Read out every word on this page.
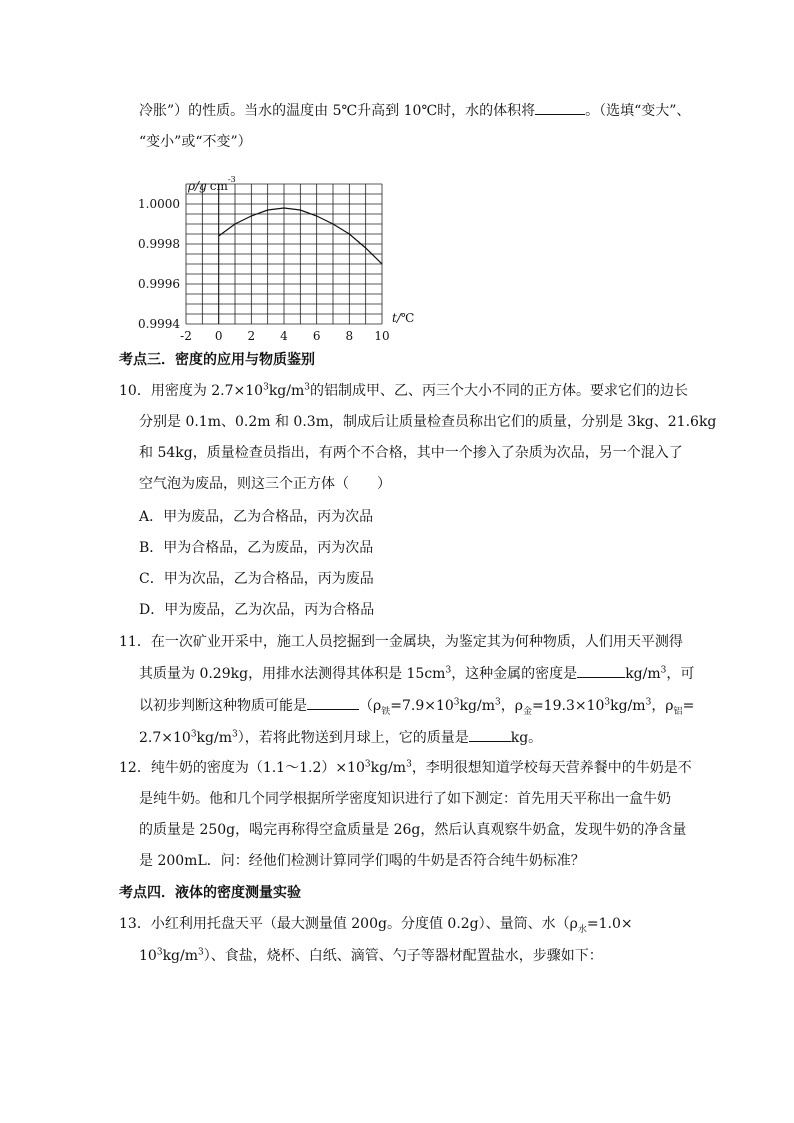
冷胀”）的性质。当水的温度由 5℃升高到 10℃时，水的体积将	。（选填“变大”、
“变小”或“不变”）
1.0000
0.9998
0.9996
0.9994
-2 0 2 4 6 8 10
ρ/g $cm^{-3}$
t/℃
考点三．密度的应用与物质鉴别
10．用密度为 $2.7\times 10^3kg/m^3$的铝制成甲、乙、丙三个大小不同的正方体。要求它们的边长
分别是 0.1m、0.2m 和 0.3m，制成后让质量检查员称出它们的质量，分别是 3kg、21.6kg
和 54kg，质量检查员指出，有两个不合格，其中一个掺入了杂质为次品，另一个混入了
空气泡为废品，则这三个正方体（　　）
A．甲为废品，乙为合格品，丙为次品
B．甲为合格品，乙为废品，丙为次品
C．甲为次品，乙为合格品，丙为废品
D．甲为废品，乙为次品，丙为合格品
11．在一次矿业开采中，施工人员挖掘到一金属块，为鉴定其为何种物质，人们用天平测得
其质量为 0.29kg，用排水法测得其体积是 $15cm^3$，这种金属的密度是	$kg/m^3$，可
以初步判断这种物质可能是	（$\rho_铁=7.9\times 10^3kg/m^3$，$\rho_金=19.3\times 10^3kg/m^3$，$\rho_铝=$
$2.7\times 10^3kg/m^3$），若将此物送到月球上，它的质量是	kg。
12．纯牛奶的密度为$(1.1\sim 1.2)\times 10^3kg/m^3$，李明很想知道学校每天营养餐中的牛奶是不
是纯牛奶。他和几个同学根据所学密度知识进行了如下测定：首先用天平称出一盒牛奶
的质量是 250g，喝完再称得空盒质量是 26g，然后认真观察牛奶盒，发现牛奶的净含量
是 200mL．问：经他们检测计算同学们喝的牛奶是否符合纯牛奶标准？
考点四．液体的密度测量实验
13．小红利用托盘天平（最大测量值 200g。分度值 0.2g）、量筒、水（$\rho_水=1.0\times$
$10^3kg/m^3$）、食盐，烧杯、白纸、滴管、勺子等器材配置盐水，步骤如下：
